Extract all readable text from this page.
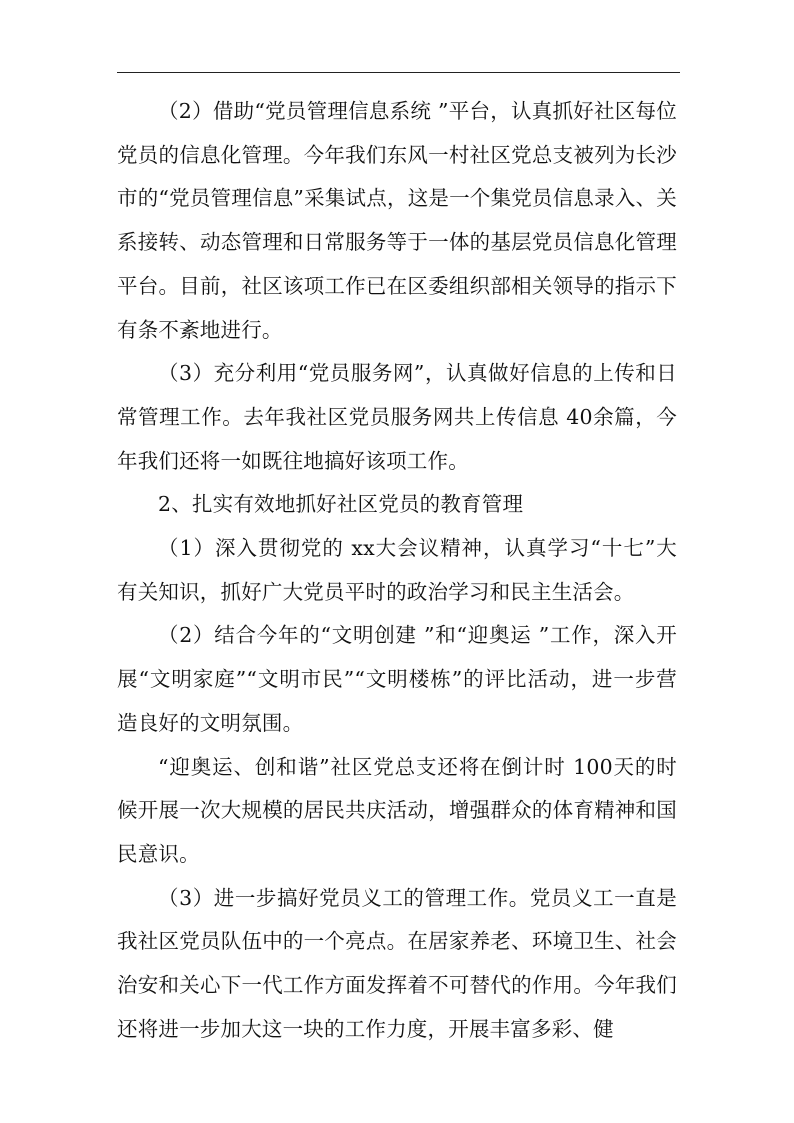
（2）借助“党员管理信息系统 ”平台，认真抓好社区每位党员的信息化管理。今年我们东风一村社区党总支被列为长沙市的“党员管理信息”采集试点，这是一个集党员信息录入、关系接转、动态管理和日常服务等于一体的基层党员信息化管理平台。目前，社区该项工作已在区委组织部相关领导的指示下有条不紊地进行。

（3）充分利用“党员服务网”，认真做好信息的上传和日常管理工作。去年我社区党员服务网共上传信息 40余篇，今年我们还将一如既往地搞好该项工作。

2、扎实有效地抓好社区党员的教育管理

（1）深入贯彻党的 xx大会议精神，认真学习“十七”大有关知识，抓好广大党员平时的政治学习和民主生活会。

（2）结合今年的“文明创建 ”和“迎奥运 ”工作，深入开展“文明家庭”“文明市民”“文明楼栋”的评比活动，进一步营造良好的文明氛围。

“迎奥运、创和谐”社区党总支还将在倒计时 100天的时候开展一次大规模的居民共庆活动，增强群众的体育精神和国民意识。

（3）进一步搞好党员义工的管理工作。党员义工一直是我社区党员队伍中的一个亮点。在居家养老、环境卫生、社会治安和关心下一代工作方面发挥着不可替代的作用。今年我们还将进一步加大这一块的工作力度，开展丰富多彩、健
